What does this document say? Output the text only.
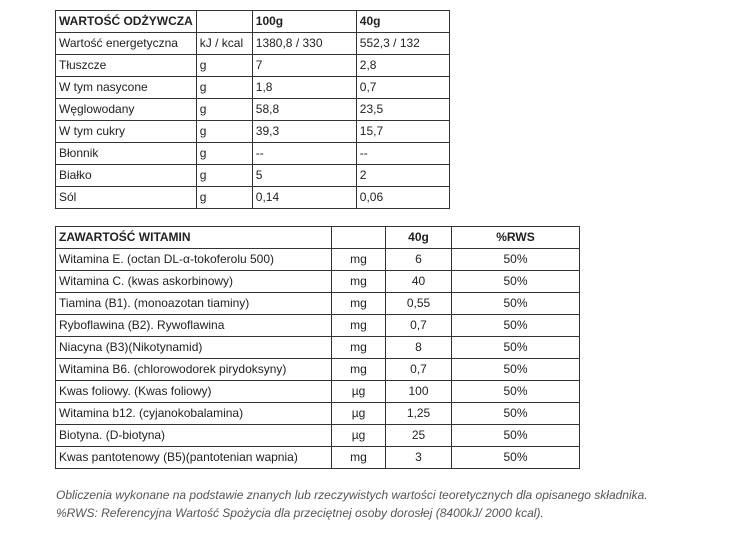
WARTOŚĆ ODŻYWCZA		100g	40g
Wartość energetyczna	kJ / kcal	1380,8 / 330	552,3 / 132
Tłuszcze	g	7	2,8
W tym nasycone	g	1,8	0,7
Węglowodany	g	58,8	23,5
W tym cukry	g	39,3	15,7
Błonnik	g	--	--
Białko	g	5	2
Sól	g	0,14	0,06
ZAWARTOŚĆ WITAMIN		40g	%RWS
Witamina E. (octan DL-α-tokoferolu 500)	mg	6	50%
Witamina C. (kwas askorbinowy)	mg	40	50%
Tiamina (B1). (monoazotan tiaminy)	mg	0,55	50%
Ryboflawina (B2). Rywoflawina	mg	0,7	50%
Niacyna (B3)(Nikotynamid)	mg	8	50%
Witamina B6. (chlorowodorek pirydoksyny)	mg	0,7	50%
Kwas foliowy. (Kwas foliowy)	µg	100	50%
Witamina b12. (cyjanokobalamina)	µg	1,25	50%
Biotyna. (D-biotyna)	µg	25	50%
Kwas pantotenowy (B5)(pantotenian wapnia)	mg	3	50%
Obliczenia wykonane na podstawie znanych lub rzeczywistych wartości teoretycznych dla opisanego składnika.
%RWS: Referencyjna Wartość Spożycia dla przeciętnej osoby dorosłej (8400kJ/ 2000 kcal).
